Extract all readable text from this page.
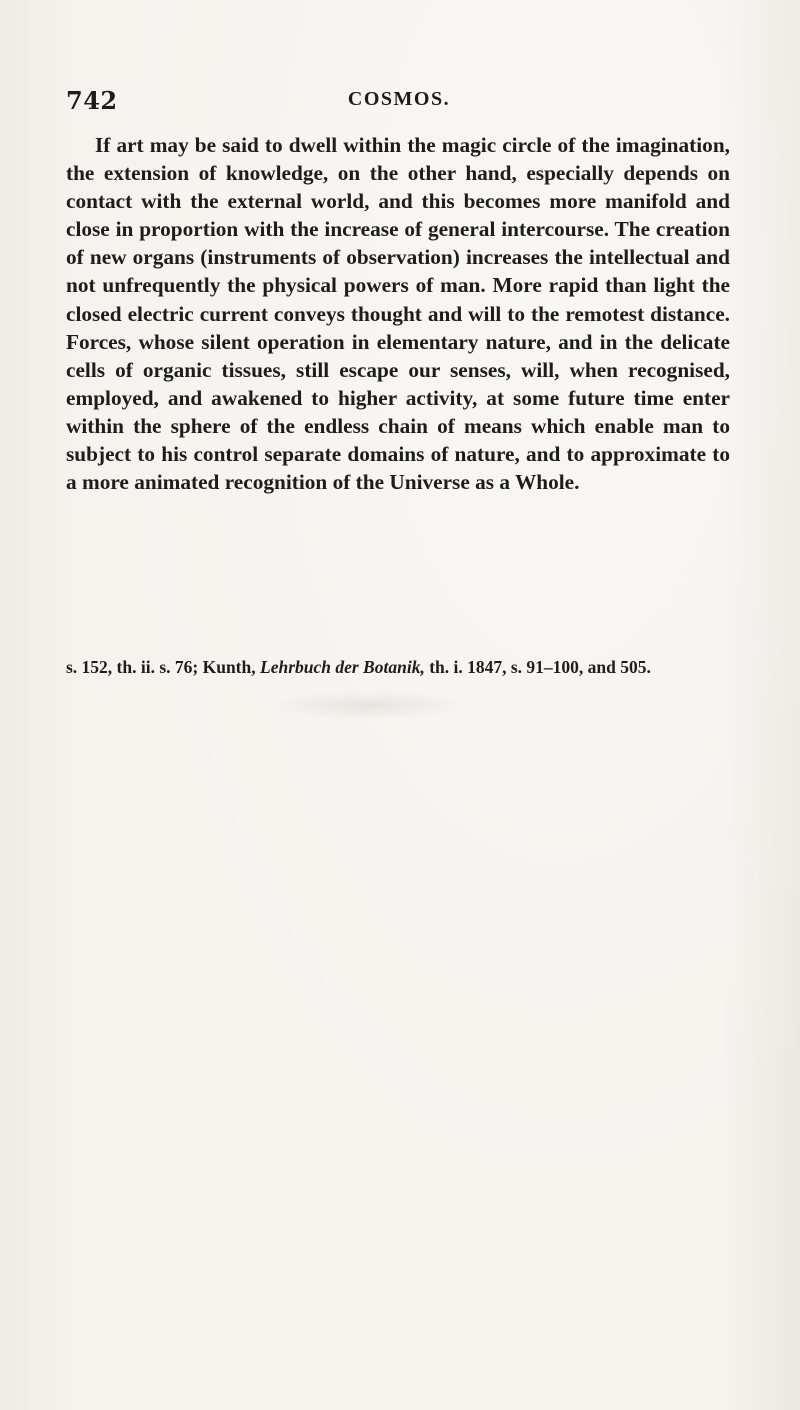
742	COSMOS.

If art may be said to dwell within the magic circle of the imagination, the extension of knowledge, on the other hand, especially depends on contact with the external world, and this becomes more manifold and close in proportion with the increase of general intercourse. The creation of new organs (instruments of observation) increases the intellectual and not unfrequently the physical powers of man. More rapid than light the closed electric current conveys thought and will to the remotest distance. Forces, whose silent operation in elementary nature, and in the delicate cells of organic tissues, still escape our senses, will, when recognised, employed, and awakened to higher activity, at some future time enter within the sphere of the endless chain of means which enable man to subject to his control separate domains of nature, and to approximate to a more animated recognition of the Universe as a Whole.

s. 152, th. ii. s. 76; Kunth, Lehrbuch der Botanik, th. i. 1847, s. 91–100, and 505.
